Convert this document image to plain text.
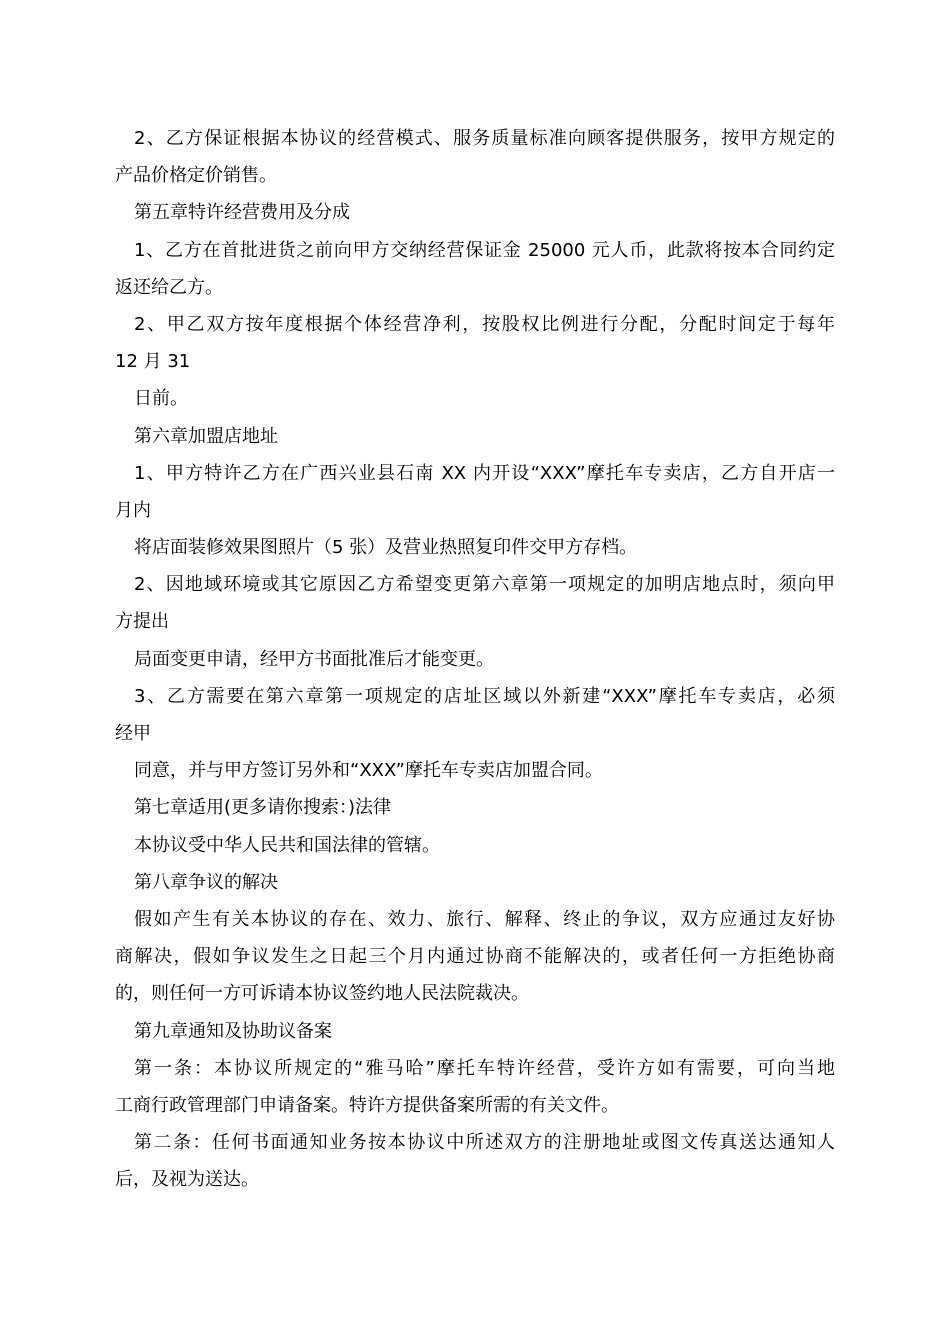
2、乙方保证根据本协议的经营模式、服务质量标准向顾客提供服务，按甲方规定的
产品价格定价销售。
第五章特许经营费用及分成
1、乙方在首批进货之前向甲方交纳经营保证金 25000 元人币，此款将按本合同约定
返还给乙方。
2、甲乙双方按年度根据个体经营净利，按股权比例进行分配，分配时间定于每年
12 月 31
日前。
第六章加盟店地址
1、甲方特许乙方在广西兴业县石南 XX 内开设“XXX”摩托车专卖店，乙方自开店一
月内
将店面装修效果图照片（5 张）及营业热照复印件交甲方存档。
2、因地域环境或其它原因乙方希望变更第六章第一项规定的加明店地点时，须向甲
方提出
局面变更申请，经甲方书面批准后才能变更。
3、乙方需要在第六章第一项规定的店址区域以外新建“XXX”摩托车专卖店，必须
经甲
同意，并与甲方签订另外和“XXX”摩托车专卖店加盟合同。
第七章适用(更多请你搜索：)法律
本协议受中华人民共和国法律的管辖。
第八章争议的解决
假如产生有关本协议的存在、效力、旅行、解释、终止的争议，双方应通过友好协
商解决，假如争议发生之日起三个月内通过协商不能解决的，或者任何一方拒绝协商
的，则任何一方可诉请本协议签约地人民法院裁决。
第九章通知及协助议备案
第一条：本协议所规定的“雅马哈”摩托车特许经营，受许方如有需要，可向当地
工商行政管理部门申请备案。特许方提供备案所需的有关文件。
第二条：任何书面通知业务按本协议中所述双方的注册地址或图文传真送达通知人
后，及视为送达。
